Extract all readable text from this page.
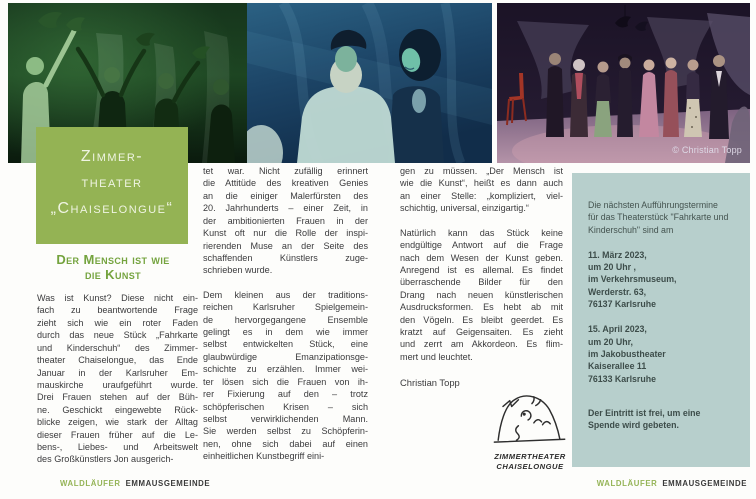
© Christian Topp
Zimmer-
theater
„Chaiselongue“
Der Mensch ist wie
die Kunst
Was ist Kunst? Diese nicht ein-
fach zu beantwortende Frage
zieht sich wie ein roter Faden
durch das neue Stück „Fahrkarte
und Kinderschuh“ des Zimmer-
theater Chaiselongue, das Ende
Januar in der Karlsruher Em-
mauskirche uraufgeführt wurde.
Drei Frauen stehen auf der Büh-
ne. Geschickt eingewebte Rück-
blicke zeigen, wie stark der Alltag
dieser Frauen früher auf die Le-
bens-, Liebes- und Arbeitswelt
des Großkünstlers Jon ausgerich-
tet war. Nicht zufällig erinnert
die Attitüde des kreativen Genies
an die einiger Malerfürsten des
20. Jahrhunderts – einer Zeit, in
der ambitionierten Frauen in der
Kunst oft nur die Rolle der inspi-
rierenden Muse an der Seite des
schaffenden Künstlers zuge-
schrieben wurde.
Dem kleinen aus der traditions-
reichen Karlsruher Spielgemein-
de hervorgegangene Ensemble
gelingt es in dem wie immer
selbst entwickelten Stück, eine
glaubwürdige Emanzipationsge-
schichte zu erzählen. Immer wei-
ter lösen sich die Frauen von ih-
rer Fixierung auf den – trotz
schöpferischen Krisen – sich
selbst verwirklichenden Mann.
Sie werden selbst zu Schöpferin-
nen, ohne sich dabei auf einen
einheitlichen Kunstbegriff eini-
gen zu müssen. „Der Mensch ist
wie die Kunst“, heißt es dann auch
an einer Stelle: „kompliziert, viel-
schichtig, universal, einzigartig.“
Natürlich kann das Stück keine
endgültige Antwort auf die Frage
nach dem Wesen der Kunst geben.
Anregend ist es allemal. Es findet
überraschende Bilder für den
Drang nach neuen künstlerischen
Ausdrucksformen. Es hebt ab mit
den Vögeln. Es bleibt geerdet. Es
kratzt auf Geigensaiten. Es zieht
und zerrt am Akkordeon. Es flim-
mert und leuchtet.
Christian Topp
ZIMMERTHEATER
CHAISELONGUE
Die nächsten Aufführungstermine
für das Theaterstück "Fahrkarte und
Kinderschuh" sind am
11. März 2023,
um 20 Uhr ,
im Verkehrsmuseum,
Werderstr. 63,
76137 Karlsruhe
15. April 2023,
um 20 Uhr,
im Jakobustheater
Kaiserallee 11
76133 Karlsruhe
Der Eintritt ist frei, um eine
Spende wird gebeten.
WALDLÄUFER EMMAUSGEMEINDE	WALDLÄUFER EMMAUSGEMEINDE
